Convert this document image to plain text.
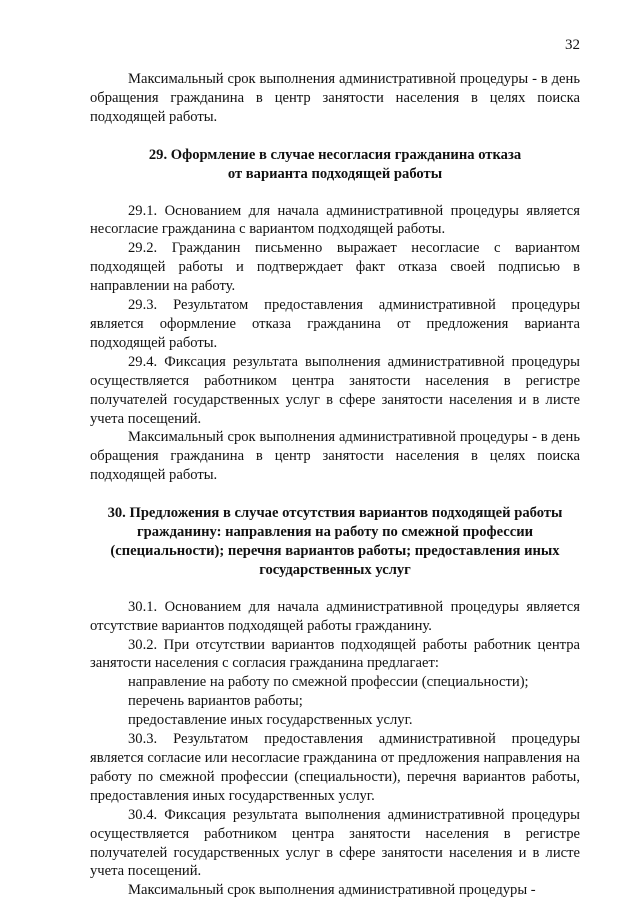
32

Максимальный срок выполнения административной процедуры - в день обращения гражданина в центр занятости населения в целях поиска подходящей работы.

29. Оформление в случае несогласия гражданина отказа

от варианта подходящей работы

29.1. Основанием для начала административной процедуры является несогласие гражданина с вариантом подходящей работы.

29.2. Гражданин письменно выражает несогласие с вариантом подходящей работы и подтверждает факт отказа своей подписью в направлении на работу.

29.3. Результатом предоставления административной процедуры является оформление отказа гражданина от предложения варианта подходящей работы.

29.4. Фиксация результата выполнения административной процедуры осуществляется работником центра занятости населения в регистре получателей государственных услуг в сфере занятости населения и в листе учета посещений.

Максимальный срок выполнения административной процедуры - в день обращения гражданина в центр занятости населения в целях поиска подходящей работы.

30. Предложения в случае отсутствия вариантов подходящей работы

гражданину: направления на работу по смежной профессии

(специальности); перечня вариантов работы; предоставления иных

государственных услуг

30.1. Основанием для начала административной процедуры является отсутствие вариантов подходящей работы гражданину.

30.2. При отсутствии вариантов подходящей работы работник центра занятости населения с согласия гражданина предлагает:

направление на работу по смежной профессии (специальности);

перечень вариантов работы;

предоставление иных государственных услуг.

30.3. Результатом предоставления административной процедуры является согласие или несогласие гражданина от предложения направления на работу по смежной профессии (специальности), перечня вариантов работы, предоставления иных государственных услуг.

30.4. Фиксация результата выполнения административной процедуры осуществляется работником центра занятости населения в регистре получателей государственных услуг в сфере занятости населения и в листе учета посещений.

Максимальный срок выполнения административной процедуры -
